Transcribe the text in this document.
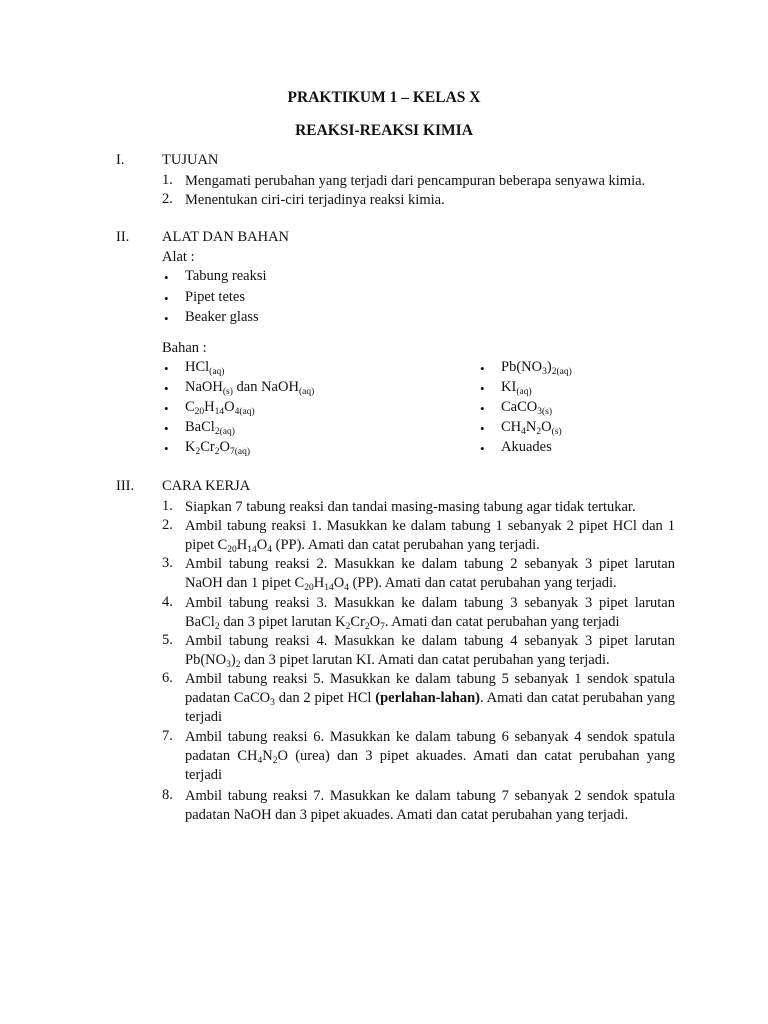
PRAKTIKUM 1 – KELAS X
REAKSI-REAKSI KIMIA
I.	TUJUAN
1. Mengamati perubahan yang terjadi dari pencampuran beberapa senyawa kimia.
2. Menentukan ciri-ciri terjadinya reaksi kimia.
II. ALAT DAN BAHAN
Alat :
• Tabung reaksi
• Pipet tetes
• Beaker glass
Bahan :
• HCl$_{(aq)}$
• NaOH$_{(s)}$ dan NaOH$_{(aq)}$
• $C_{20}H_{14}O_{4(aq)}$
• BaCl$_{2(aq)}$
• $K_2Cr_2O_{7(aq)}$
• $Pb(NO_3)_{2(aq)}$
• $KI_{(aq)}$
• CaCO$_{3(s)}$
• $CH_4N_2O_{(s)}$
• Akuades
III. CARA KERJA
1. Siapkan 7 tabung reaksi dan tandai masing-masing tabung agar tidak tertukar.
2. Ambil tabung reaksi 1. Masukkan ke dalam tabung 1 sebanyak 2 pipet HCl dan 1 pipet $C_{20}H_{14}O_4$ (PP). Amati dan catat perubahan yang terjadi.
3. Ambil tabung reaksi 2. Masukkan ke dalam tabung 2 sebanyak 3 pipet larutan NaOH dan 1 pipet $C_{20}H_{14}O_4$ (PP). Amati dan catat perubahan yang terjadi.
4. Ambil tabung reaksi 3. Masukkan ke dalam tabung 3 sebanyak 3 pipet larutan BaCl$_2$ dan 3 pipet larutan $K_2Cr_2O_7$. Amati dan catat perubahan yang terjadi
5. Ambil tabung reaksi 4. Masukkan ke dalam tabung 4 sebanyak 3 pipet larutan $Pb(NO_3)_2$ dan 3 pipet larutan KI. Amati dan catat perubahan yang terjadi.
6. Ambil tabung reaksi 5. Masukkan ke dalam tabung 5 sebanyak 1 sendok spatula padatan CaCO$_3$ dan 2 pipet HCl (perlahan-lahan). Amati dan catat perubahan yang terjadi
7. Ambil tabung reaksi 6. Masukkan ke dalam tabung 6 sebanyak 4 sendok spatula padatan $CH_4N_2O$ (urea) dan 3 pipet akuades. Amati dan catat perubahan yang terjadi
8. Ambil tabung reaksi 7. Masukkan ke dalam tabung 7 sebanyak 2 sendok spatula padatan NaOH dan 3 pipet akuades. Amati dan catat perubahan yang terjadi.
